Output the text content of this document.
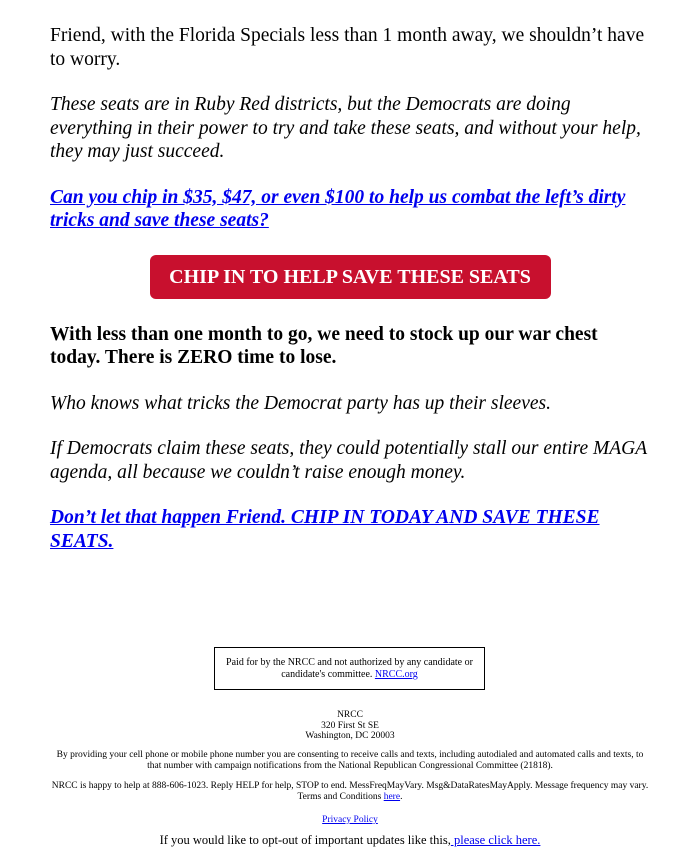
Friend, with the Florida Specials less than 1 month away, we shouldn’t have to worry.

These seats are in Ruby Red districts, but the Democrats are doing everything in their power to try and take these seats, and without your help, they may just succeed.

Can you chip in $35, $47, or even $100 to help us combat the left’s dirty tricks and save these seats?

CHIP IN TO HELP SAVE THESE SEATS

With less than one month to go, we need to stock up our war chest today. There is ZERO time to lose.

Who knows what tricks the Democrat party has up their sleeves.

If Democrats claim these seats, they could potentially stall our entire MAGA agenda, all because we couldn’t raise enough money.

Don’t let that happen Friend. CHIP IN TODAY AND SAVE THESE SEATS.

Paid for by the NRCC and not authorized by any candidate or candidate's committee. NRCC.org
NRCC
320 First St SE
Washington, DC 20003
By providing your cell phone or mobile phone number you are consenting to receive calls and texts, including autodialed and automated calls and texts, to that number with campaign notifications from the National Republican Congressional Committee (21818).
NRCC is happy to help at 888-606-1023. Reply HELP for help, STOP to end. MessFreqMayVary. Msg&DataRatesMayApply. Message frequency may vary. Terms and Conditions here.
Privacy Policy
If you would like to opt-out of important updates like this, please click here.
